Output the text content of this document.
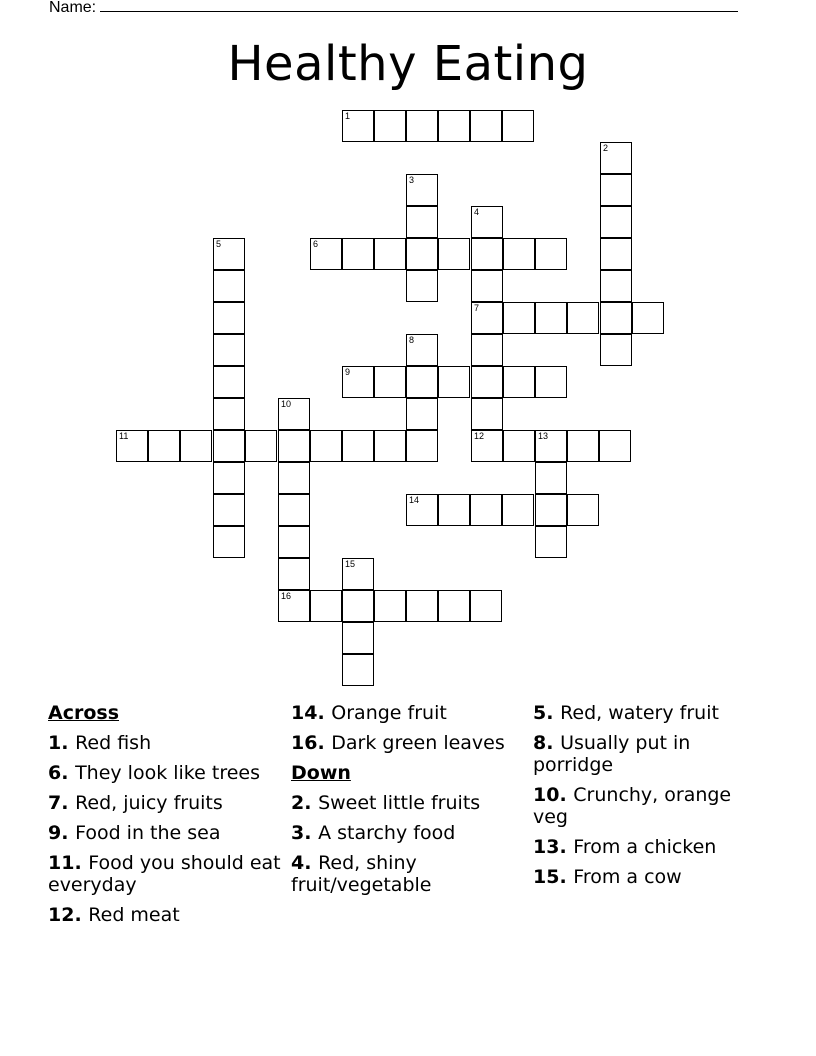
Name:
Healthy Eating
1
2
3
4
5	6
7
8
9
10
11	12	13
14
15
16
Across
1. Red fish
6. They look like trees
7. Red, juicy fruits
9. Food in the sea
11. Food you should eat everyday
12. Red meat
14. Orange fruit
16. Dark green leaves
Down
2. Sweet little fruits
3. A starchy food
4. Red, shiny fruit/vegetable
5. Red, watery fruit
8. Usually put in porridge
10. Crunchy, orange veg
13. From a chicken
15. From a cow
